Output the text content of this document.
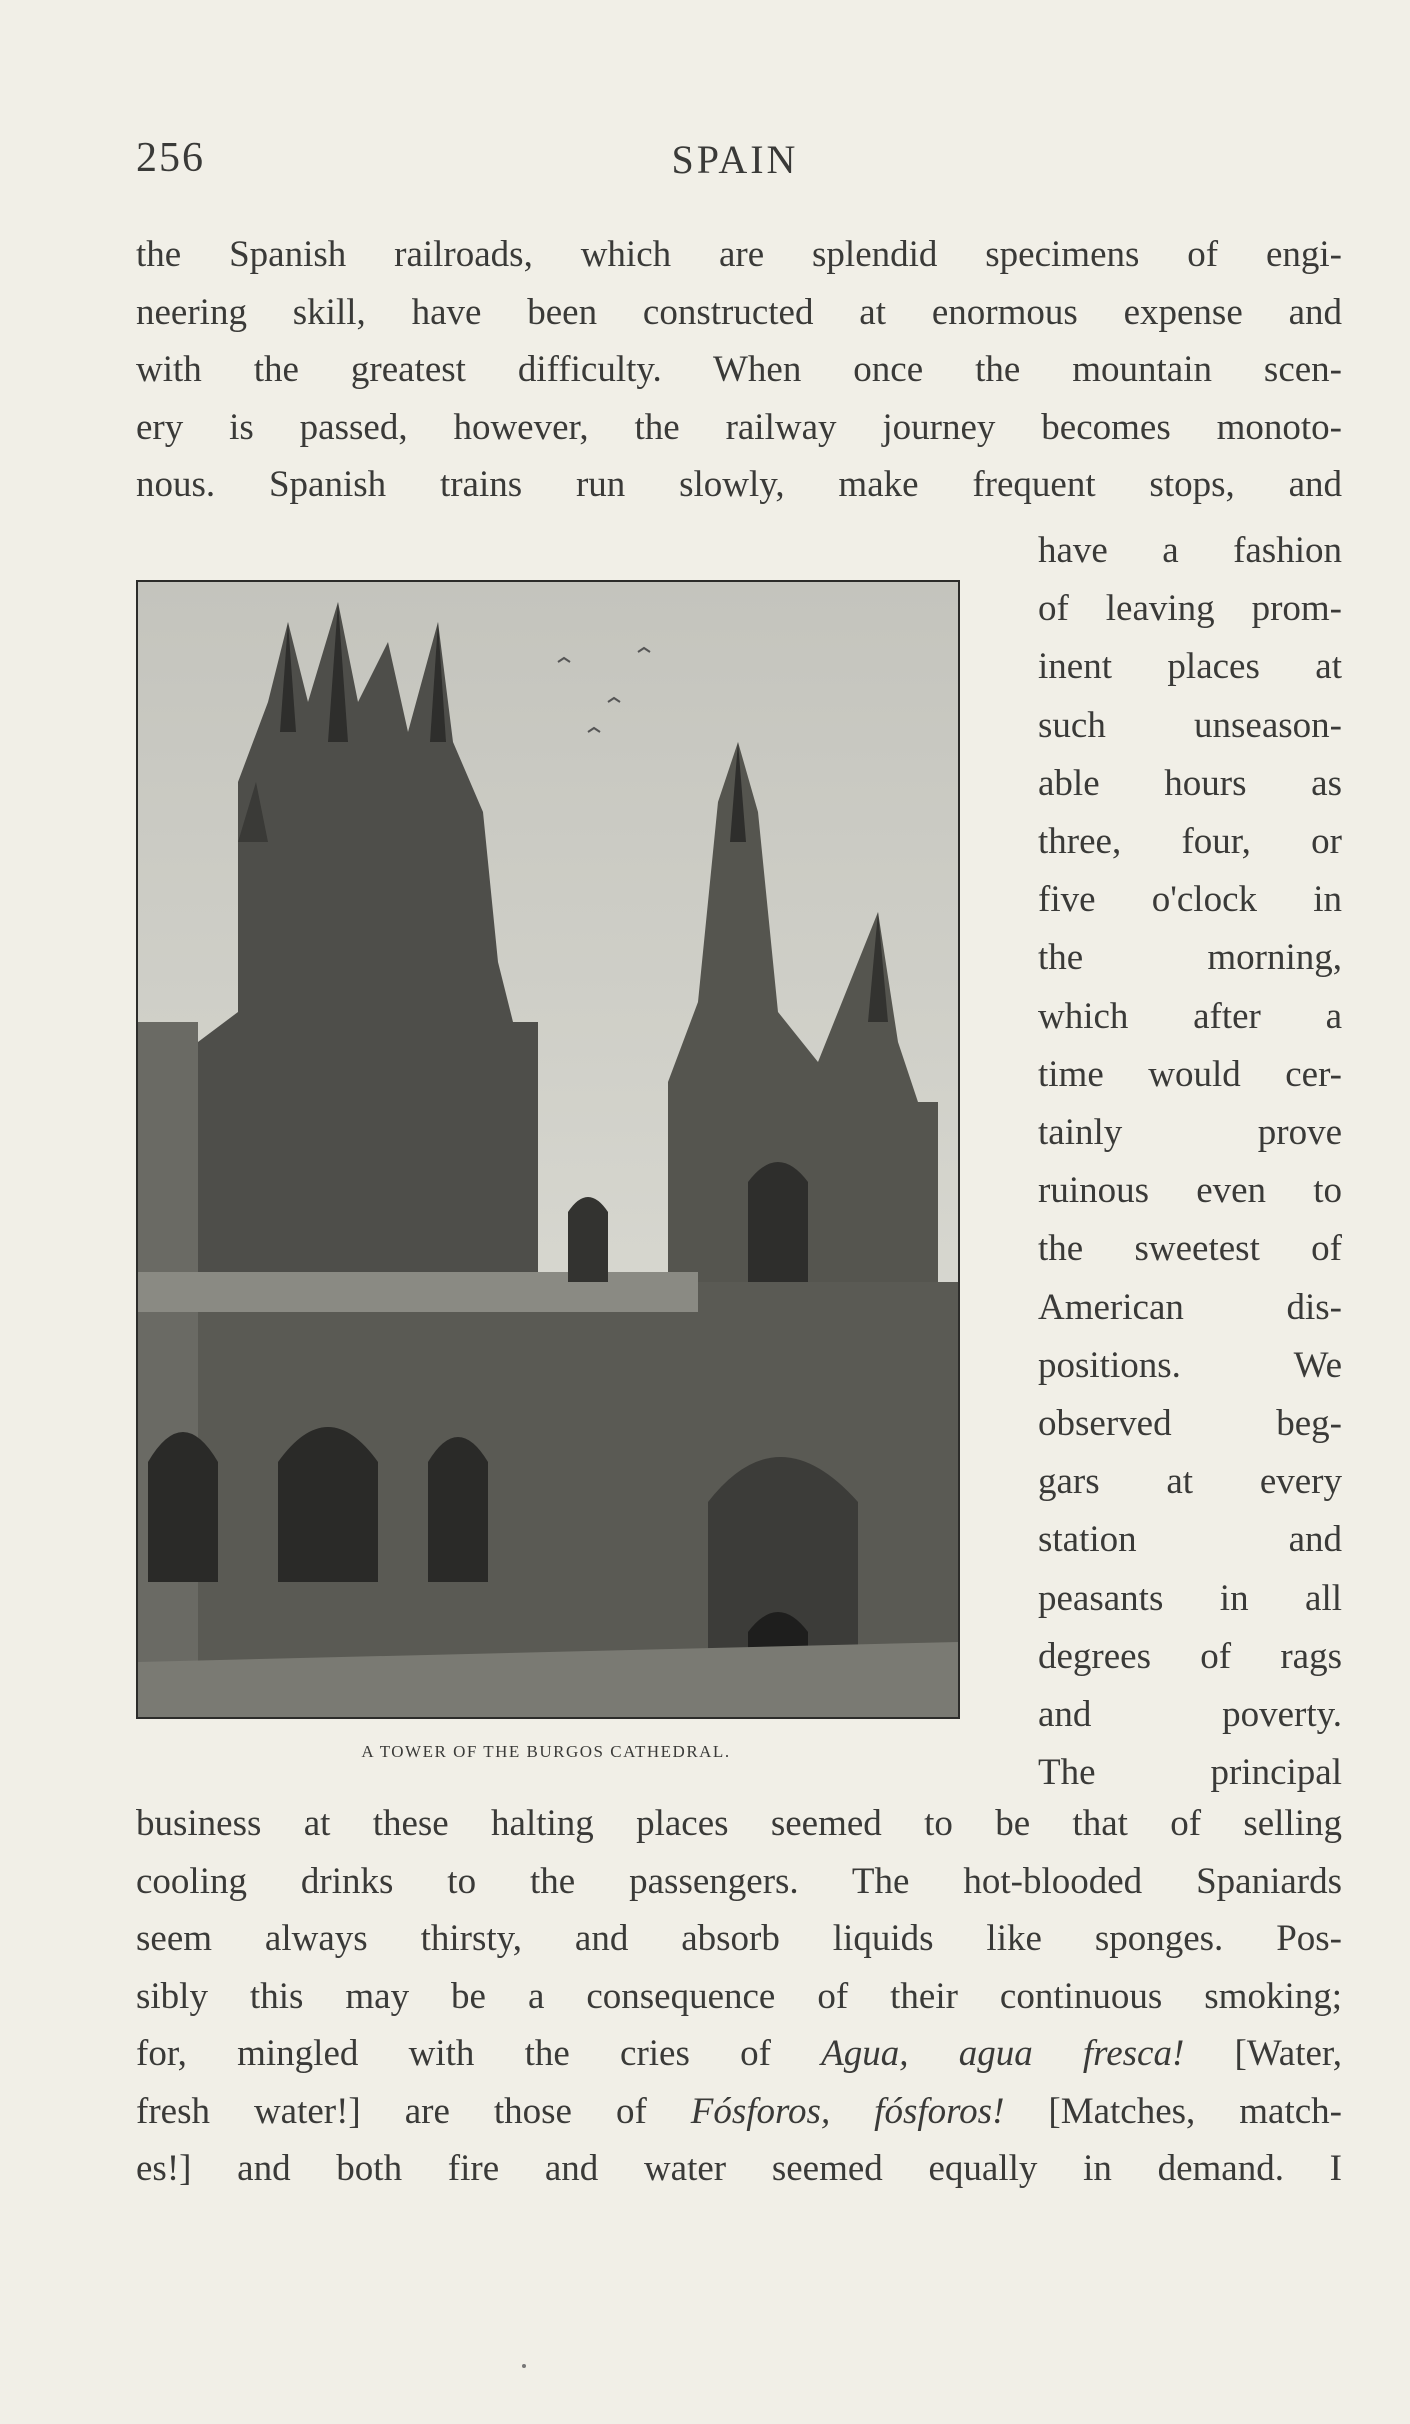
256	SPAIN
the Spanish railroads, which are splendid specimens of engi-
neering skill, have been constructed at enormous expense and
with the greatest difficulty. When once the mountain scen-
ery is passed, however, the railway journey becomes monoto-
nous. Spanish trains run slowly, make frequent stops, and
have a fashion
of leaving prom-
inent places at
such unseason-
able hours as
three, four, or
five o'clock in
the morning,
which after a
time would cer-
tainly prove
ruinous even to
the sweetest of
American dis-
positions. We
observed beg-
gars at every
station and
peasants in all
degrees of rags
and poverty.
The principal
A TOWER OF THE BURGOS CATHEDRAL.
business at these halting places seemed to be that of selling
cooling drinks to the passengers. The hot-blooded Spaniards
seem always thirsty, and absorb liquids like sponges. Pos-
sibly this may be a consequence of their continuous smoking;
for, mingled with the cries of Agua, agua fresca! [Water,
fresh water!] are those of Fósforos, fósforos! [Matches, match-
es!] and both fire and water seemed equally in demand. I
